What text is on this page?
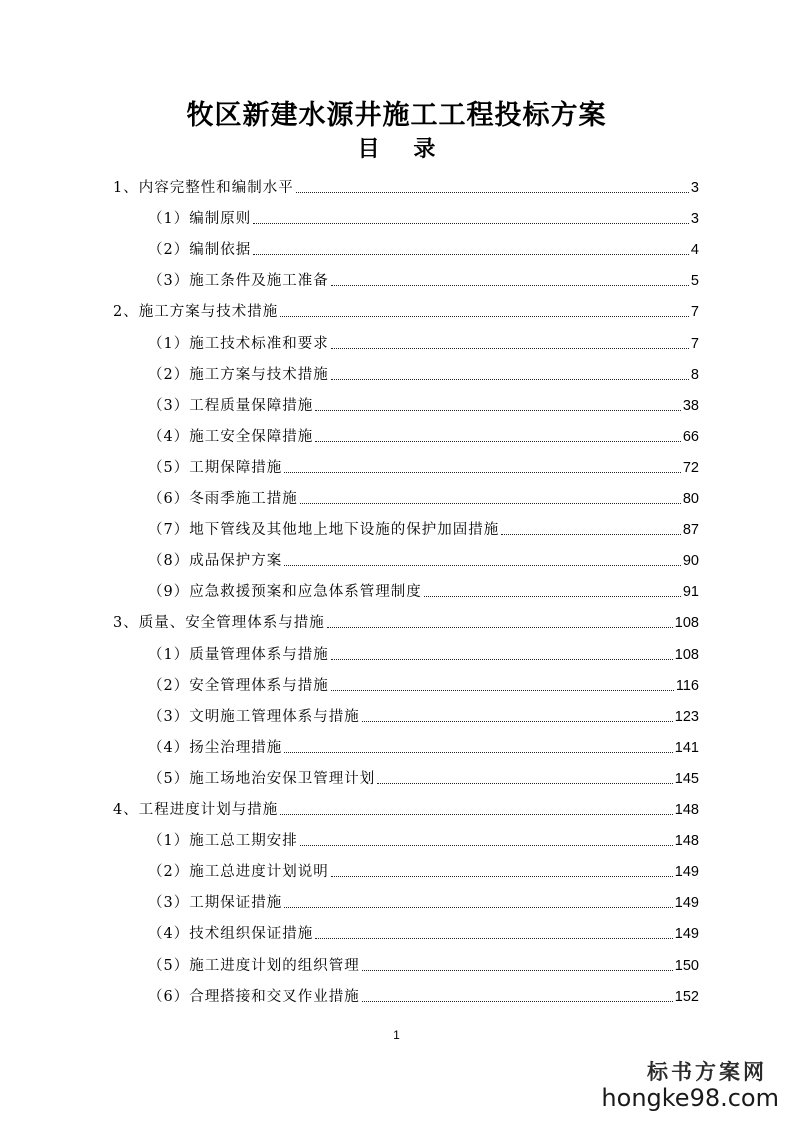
牧区新建水源井施工工程投标方案
目 录
1、内容完整性和编制水平	3
（1）编制原则	3
（2）编制依据	4
（3）施工条件及施工准备	5
2、施工方案与技术措施	7
（1）施工技术标准和要求	7
（2）施工方案与技术措施	8
（3）工程质量保障措施	38
（4）施工安全保障措施	66
（5）工期保障措施	72
（6）冬雨季施工措施	80
（7）地下管线及其他地上地下设施的保护加固措施	87
（8）成品保护方案	90
（9）应急救援预案和应急体系管理制度	91
3、质量、安全管理体系与措施	108
（1）质量管理体系与措施	108
（2）安全管理体系与措施	116
（3）文明施工管理体系与措施	123
（4）扬尘治理措施	141
（5）施工场地治安保卫管理计划	145
4、工程进度计划与措施	148
（1）施工总工期安排	148
（2）施工总进度计划说明	149
（3）工期保证措施	149
（4）技术组织保证措施	149
（5）施工进度计划的组织管理	150
（6）合理搭接和交叉作业措施	152
1
标书方案网
hongke98.com
